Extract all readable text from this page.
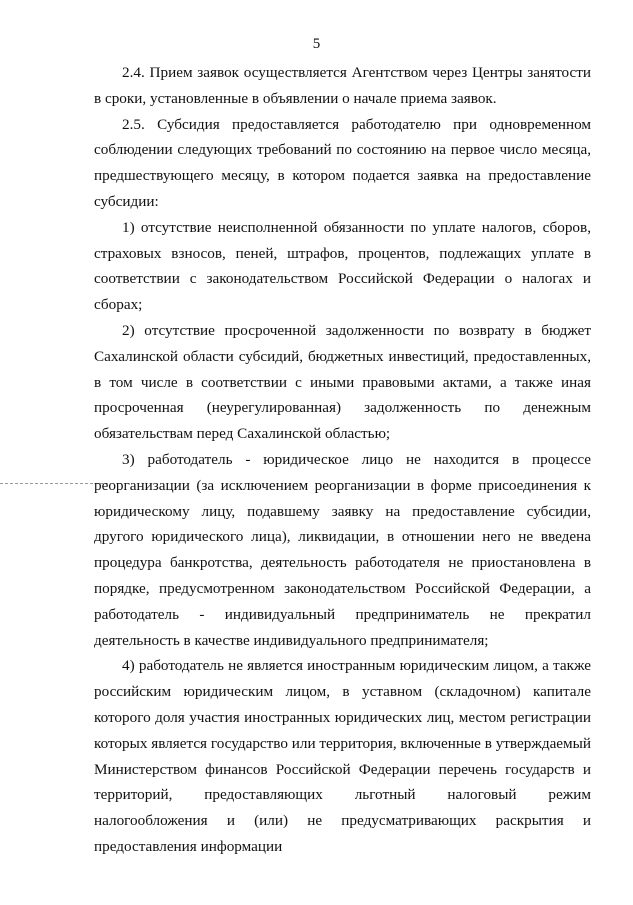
5

2.4. Прием заявок осуществляется Агентством через Центры занятости в сроки, установленные в объявлении о начале приема заявок.

2.5. Субсидия предоставляется работодателю при одновременном соблюдении следующих требований по состоянию на первое число месяца, предшествующего месяцу, в котором подается заявка на предоставление субсидии:

1) отсутствие неисполненной обязанности по уплате налогов, сборов, страховых взносов, пеней, штрафов, процентов, подлежащих уплате в соответствии с законодательством Российской Федерации о налогах и сборах;

2) отсутствие просроченной задолженности по возврату в бюджет Сахалинской области субсидий, бюджетных инвестиций, предоставленных, в том числе в соответствии с иными правовыми актами, а также иная просроченная (неурегулированная) задолженность по денежным обязательствам перед Сахалинской областью;

3) работодатель - юридическое лицо не находится в процессе реорганизации (за исключением реорганизации в форме присоединения к юридическому лицу, подавшему заявку на предоставление субсидии, другого юридического лица), ликвидации, в отношении него не введена процедура банкротства, деятельность работодателя не приостановлена в порядке, предусмотренном законодательством Российской Федерации, а работодатель - индивидуальный предприниматель не прекратил деятельность в качестве индивидуального предпринимателя;

4) работодатель не является иностранным юридическим лицом, а также российским юридическим лицом, в уставном (складочном) капитале которого доля участия иностранных юридических лиц, местом регистрации которых является государство или территория, включенные в утверждаемый Министерством финансов Российской Федерации перечень государств и территорий, предоставляющих льготный налоговый режим налогообложения и (или) не предусматривающих раскрытия и предоставления информации
